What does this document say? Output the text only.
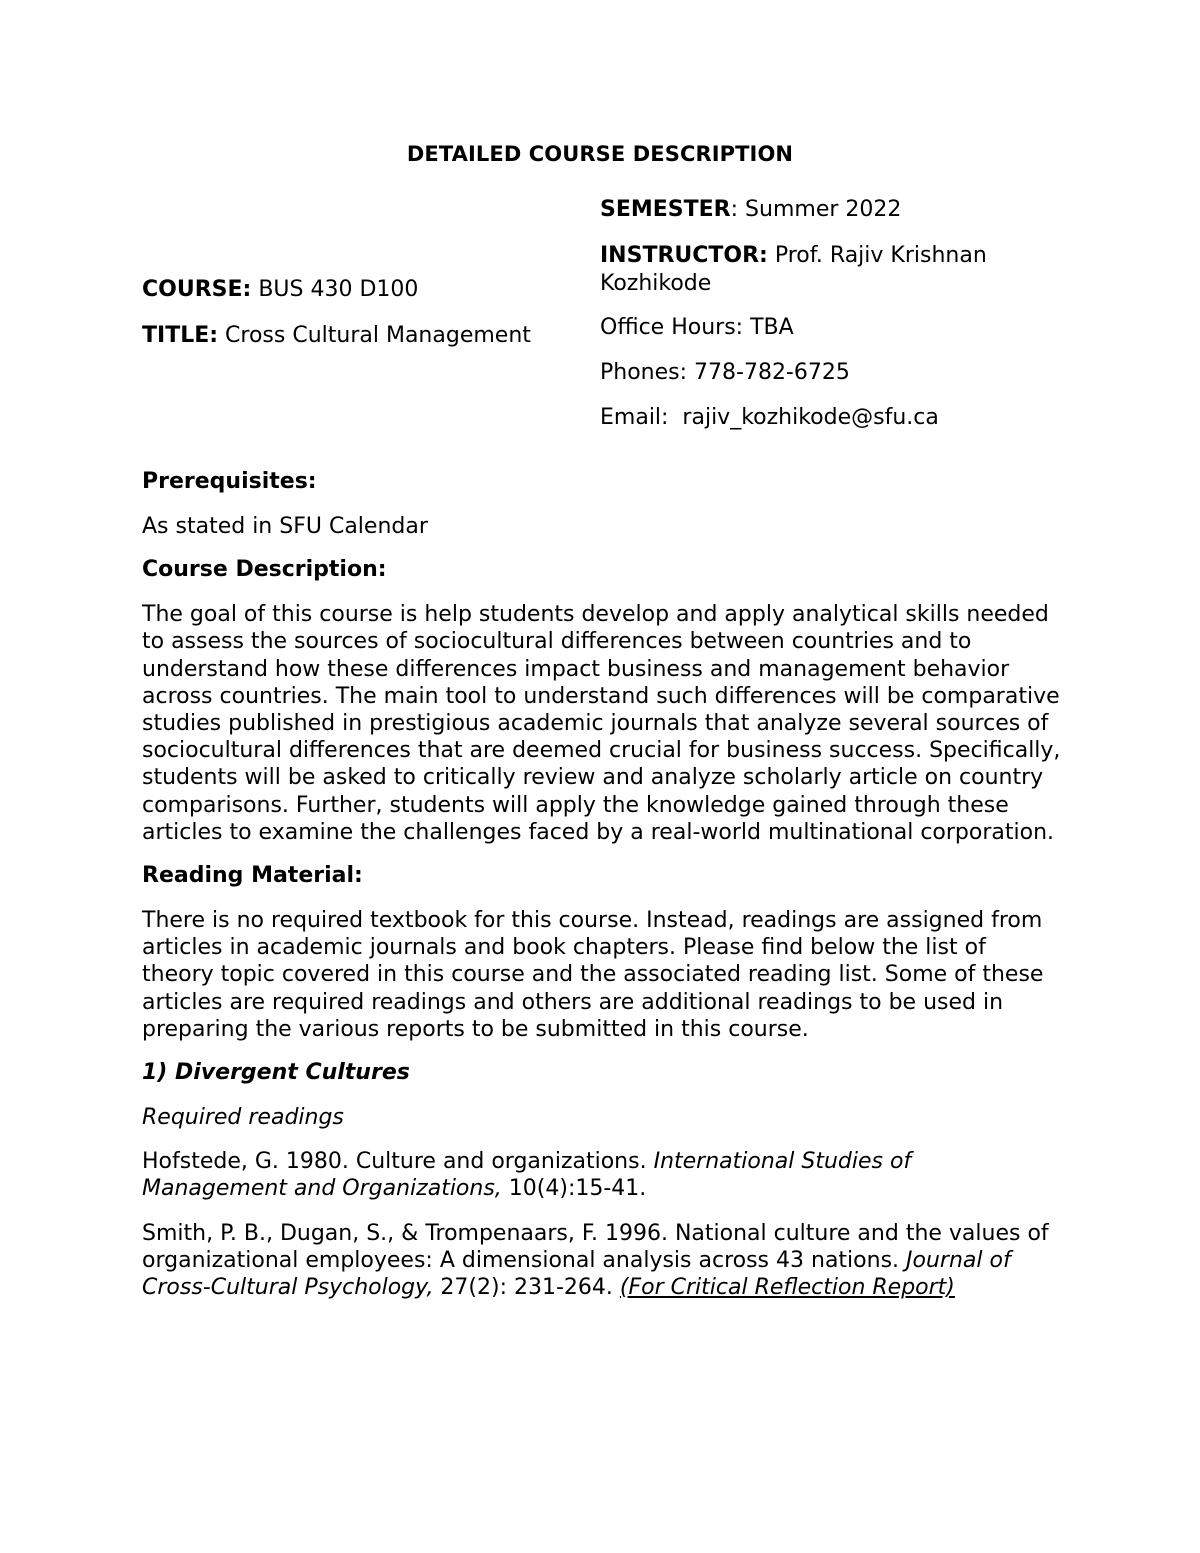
DETAILED COURSE DESCRIPTION

COURSE: BUS 430 D100

TITLE: Cross Cultural Management

SEMESTER: Summer 2022

INSTRUCTOR: Prof. Rajiv Krishnan Kozhikode

Office Hours: TBA

Phones: 778-782-6725

Email:  rajiv_kozhikode@sfu.ca

Prerequisites:

As stated in SFU Calendar

Course Description:

The goal of this course is help students develop and apply analytical skills needed to assess the sources of sociocultural differences between countries and to understand how these differences impact business and management behavior across countries. The main tool to understand such differences will be comparative studies published in prestigious academic journals that analyze several sources of sociocultural differences that are deemed crucial for business success. Specifically, students will be asked to critically review and analyze scholarly article on country comparisons. Further, students will apply the knowledge gained through these articles to examine the challenges faced by a real-world multinational corporation.

Reading Material:

There is no required textbook for this course. Instead, readings are assigned from articles in academic journals and book chapters. Please find below the list of theory topic covered in this course and the associated reading list. Some of these articles are required readings and others are additional readings to be used in preparing the various reports to be submitted in this course.

1) Divergent Cultures

Required readings

Hofstede, G. 1980. Culture and organizations. International Studies of Management and Organizations, 10(4):15-41.

Smith, P. B., Dugan, S., & Trompenaars, F. 1996. National culture and the values of organizational employees: A dimensional analysis across 43 nations. Journal of Cross-Cultural Psychology, 27(2): 231-264. (For Critical Reflection Report)
